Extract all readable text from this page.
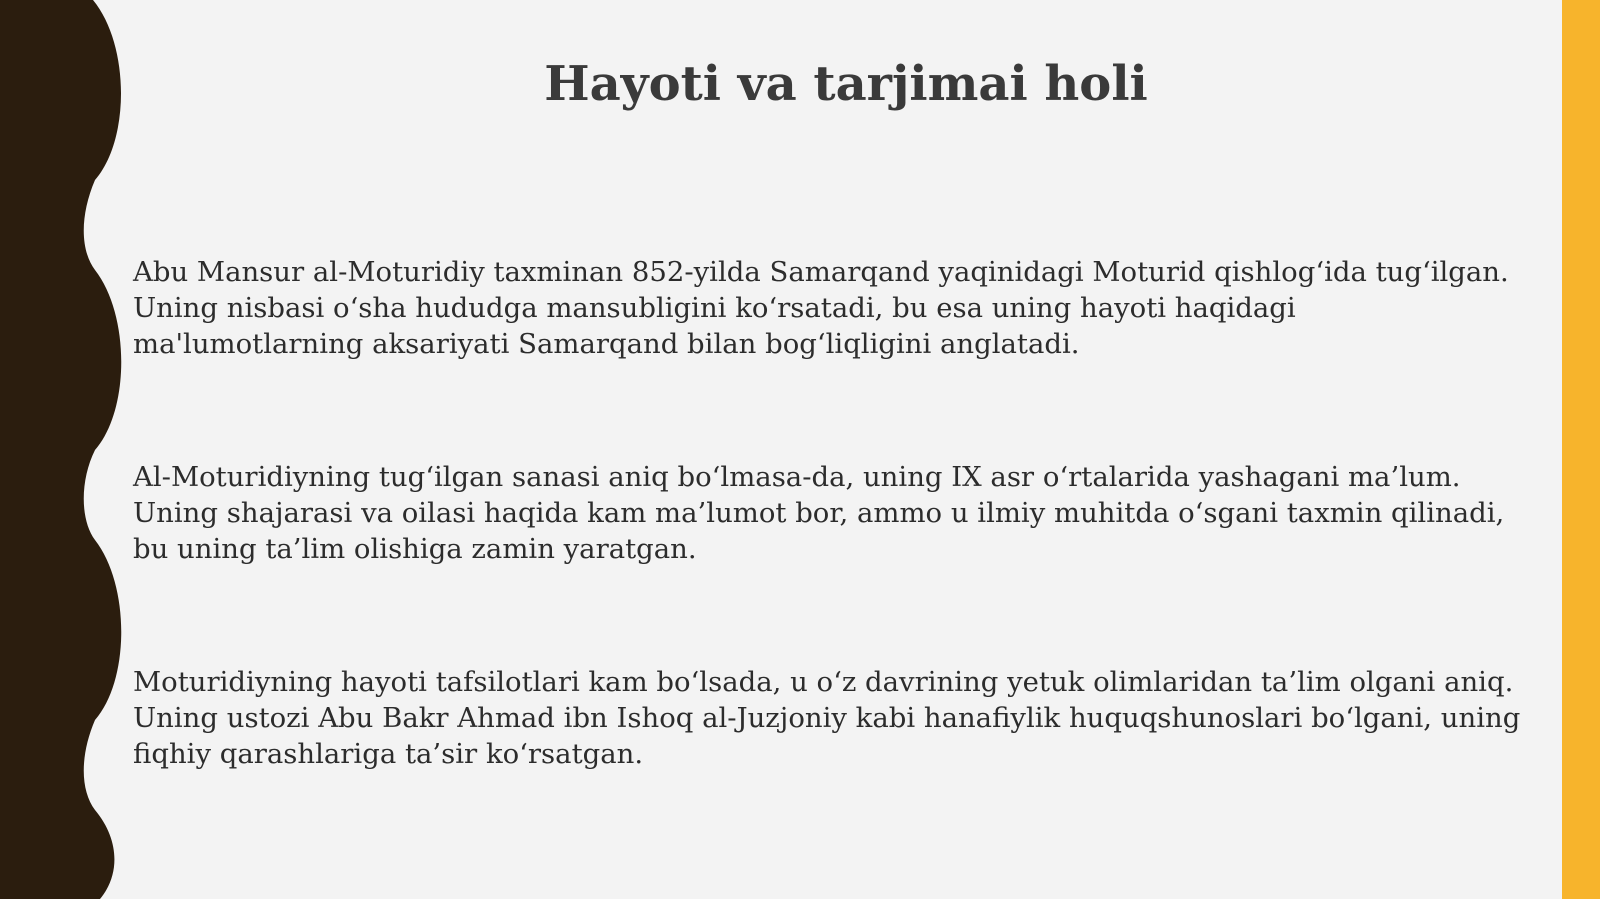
Hayoti va tarjimai holi

Abu Mansur al-Moturidiy taxminan 852-yilda Samarqand yaqinidagi Moturid qishlog‘ida tug‘ilgan. Uning nisbasi o‘sha hududga mansubligini ko‘rsatadi, bu esa uning hayoti haqidagi ma'lumotlarning aksariyati Samarqand bilan bog‘liqligini anglatadi.

Al-Moturidiyning tug‘ilgan sanasi aniq bo‘lmasa-da, uning IX asr o‘rtalarida yashagani ma’lum. Uning shajarasi va oilasi haqida kam ma’lumot bor, ammo u ilmiy muhitda o‘sgani taxmin qilinadi, bu uning ta’lim olishiga zamin yaratgan.

Moturidiyning hayoti tafsilotlari kam bo‘lsada, u o‘z davrining yetuk olimlaridan ta’lim olgani aniq. Uning ustozi Abu Bakr Ahmad ibn Ishoq al-Juzjoniy kabi hanafiylik huquqshunoslari bo‘lgani, uning fiqhiy qarashlariga ta’sir ko‘rsatgan.
